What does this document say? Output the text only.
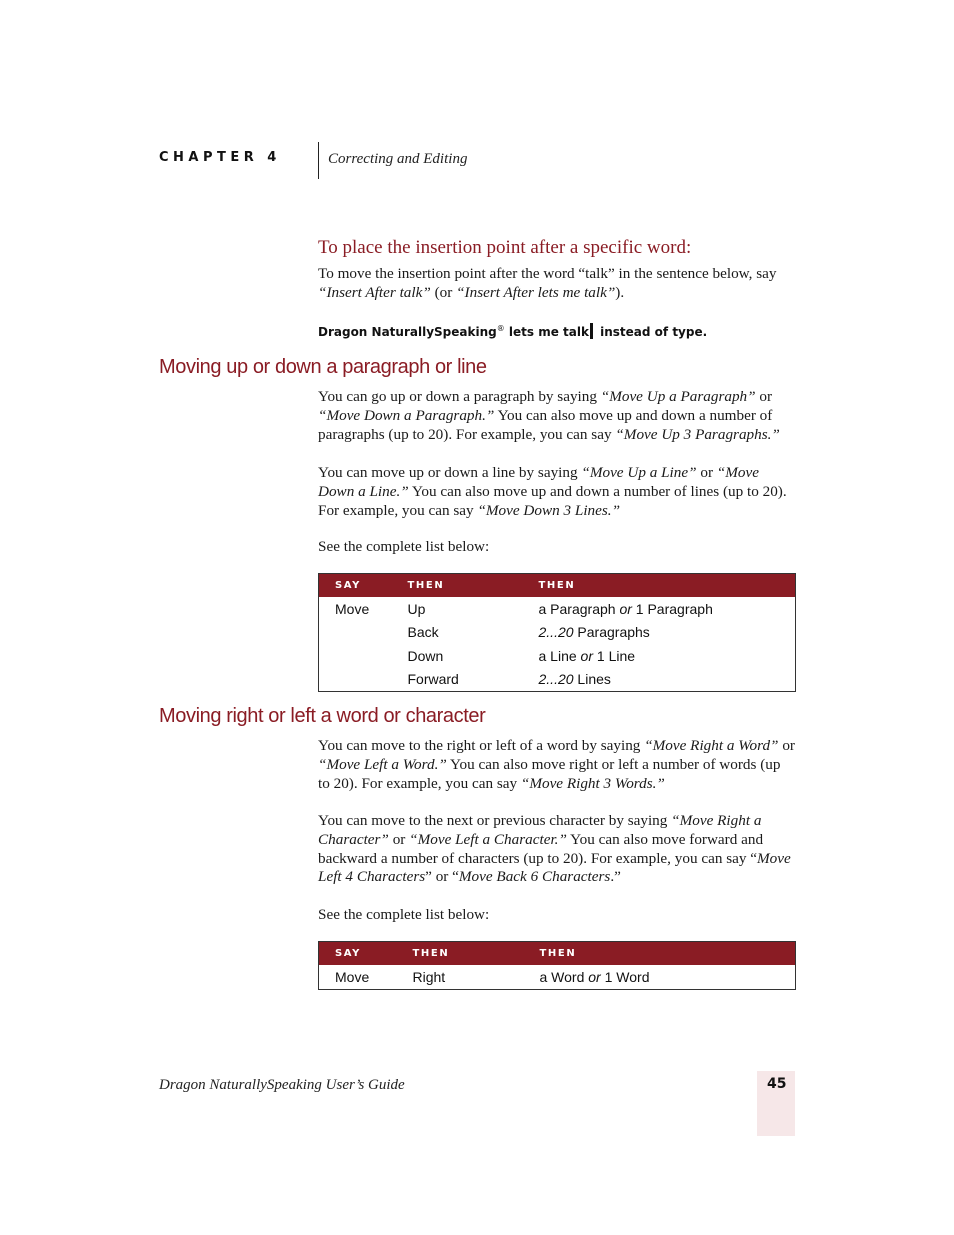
CHAPTER 4	Correcting and Editing
To place the insertion point after a specific word:
To move the insertion point after the word “talk” in the sentence below, say “Insert After talk” (or “Insert After lets me talk”).
Dragon NaturallySpeaking® lets me talk instead of type.
Moving up or down a paragraph or line
You can go up or down a paragraph by saying “Move Up a Paragraph” or “Move Down a Paragraph.” You can also move up and down a number of paragraphs (up to 20). For example, you can say “Move Up 3 Paragraphs.”
You can move up or down a line by saying “Move Up a Line” or “Move Down a Line.” You can also move up and down a number of lines (up to 20). For example, you can say “Move Down 3 Lines.”
See the complete list below:
SAY	THEN	THEN
Move	Up	a Paragraph or 1 Paragraph
	Back	2...20 Paragraphs
	Down	a Line or 1 Line
	Forward	2...20 Lines
Moving right or left a word or character
You can move to the right or left of a word by saying “Move Right a Word” or “Move Left a Word.” You can also move right or left a number of words (up to 20). For example, you can say “Move Right 3 Words.”
You can move to the next or previous character by saying “Move Right a Character” or “Move Left a Character.” You can also move forward and backward a number of characters (up to 20). For example, you can say “Move Left 4 Characters” or “Move Back 6 Characters.”
See the complete list below:
SAY	THEN	THEN
Move	Right	a Word or 1 Word
Dragon NaturallySpeaking User’s Guide	45
